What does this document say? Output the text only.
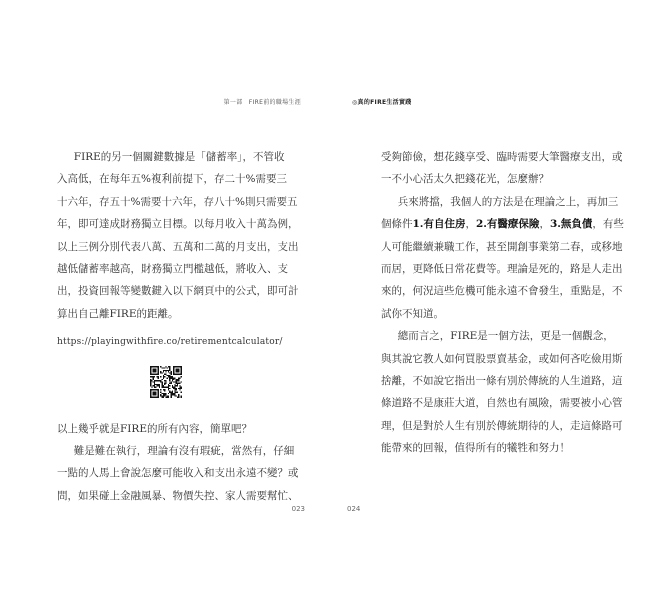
第一部　FIRE前的職場生涯
FIRE的另一個關鍵數據是「儲蓄率」，不管收
入高低，在每年五%複利前提下，存二十%需要三
十六年，存五十%需要十六年，存八十%則只需要五
年，即可達成財務獨立目標。以每月收入十萬為例，
以上三例分別代表八萬、五萬和二萬的月支出，支出
越低儲蓄率越高，財務獨立門檻越低，將收入、支
出，投資回報等變數鍵入以下網頁中的公式，即可計
算出自己離FIRE的距離。
https://playingwithfire.co/retirementcalculator/
以上幾乎就是FIRE的所有內容，簡單吧？
難是難在執行，理論有沒有瑕疵，當然有，仔細
一點的人馬上會說怎麼可能收入和支出永遠不變？或
問，如果碰上金融風暴、物價失控、家人需要幫忙、
023
◎真的FIRE生活實踐
受夠節儉，想花錢享受、臨時需要大筆醫療支出，或
一不小心活太久把錢花光，怎麼辦？
兵來將擋，我個人的方法是在理論之上，再加三
個條件1.有自住房，2.有醫療保險，3.無負債，有些
人可能繼續兼職工作，甚至開創事業第二春，或移地
而居，更降低日常花費等。理論是死的，路是人走出
來的，何況這些危機可能永遠不會發生，重點是，不
試你不知道。
總而言之，FIRE是一個方法，更是一個觀念，
與其說它教人如何買股票賣基金，或如何吝吃儉用斯
捨離，不如說它指出一條有別於傳統的人生道路，這
條道路不是康莊大道，自然也有風險，需要被小心管
理，但是對於人生有別於傳統期待的人，走這條路可
能帶來的回報，值得所有的犧牲和努力！
024
